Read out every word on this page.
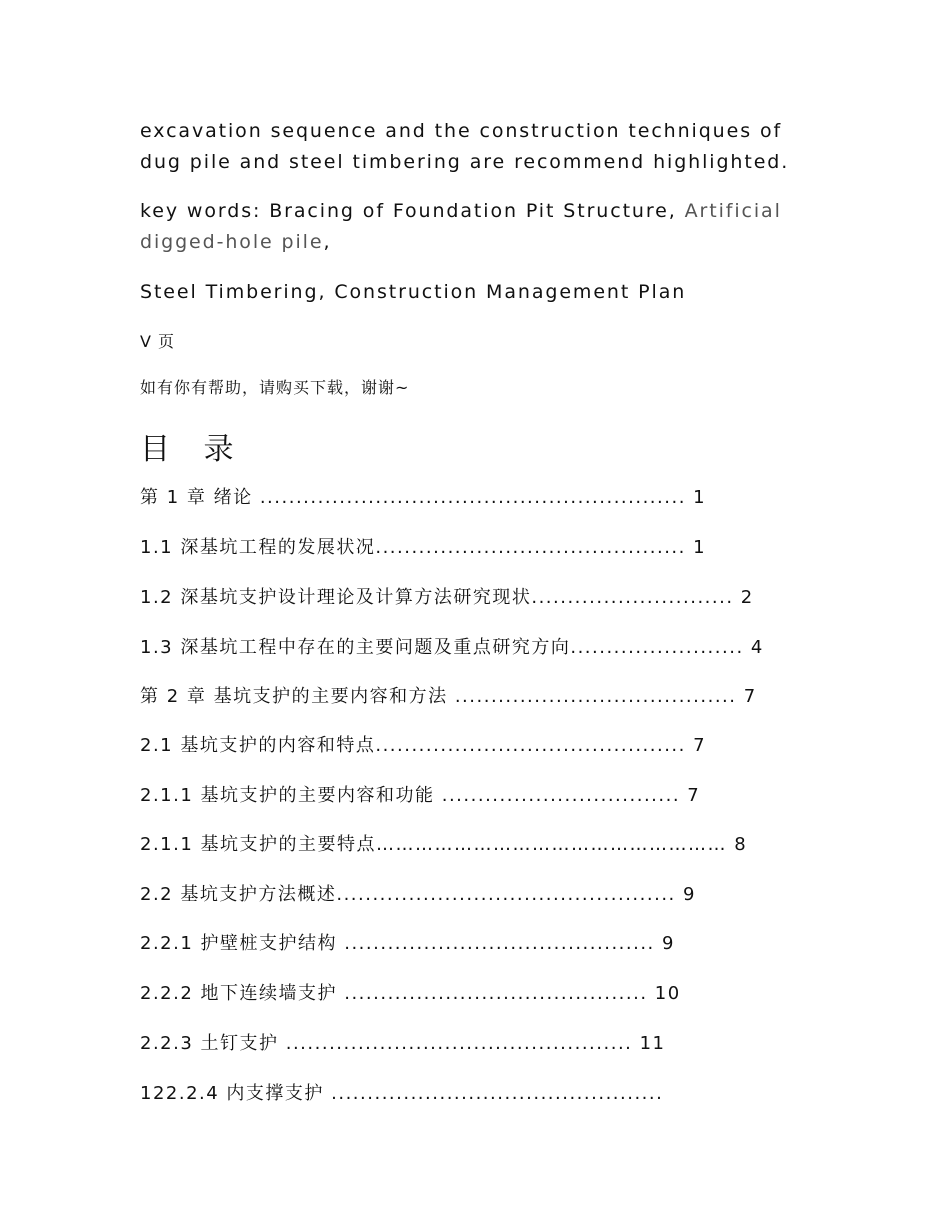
excavation sequence and the construction techniques of
dug pile and steel timbering are recommend highlighted.
key words: Bracing of Foundation Pit Structure, Artificial
digged-hole pile,
Steel Timbering, Construction Management Plan
V 页
如有你有帮助，请购买下载，谢谢~
目 录
第 1 章 绪论 ........................................................... 1
1.1 深基坑工程的发展状况........................................... 1
1.2 深基坑支护设计理论及计算方法研究现状............................ 2
1.3 深基坑工程中存在的主要问题及重点研究方向........................ 4
第 2 章 基坑支护的主要内容和方法 ....................................... 7
2.1 基坑支护的内容和特点........................................... 7
2.1.1 基坑支护的主要内容和功能 ................................. 7
2.1.1 基坑支护的主要特点……………………………………………… 8
2.2 基坑支护方法概述............................................... 9
2.2.1 护壁桩支护结构 ........................................... 9
2.2.2 地下连续墙支护 .......................................... 10
2.2.3 土钉支护 ................................................ 11
122.2.4 内支撑支护 ..............................................
